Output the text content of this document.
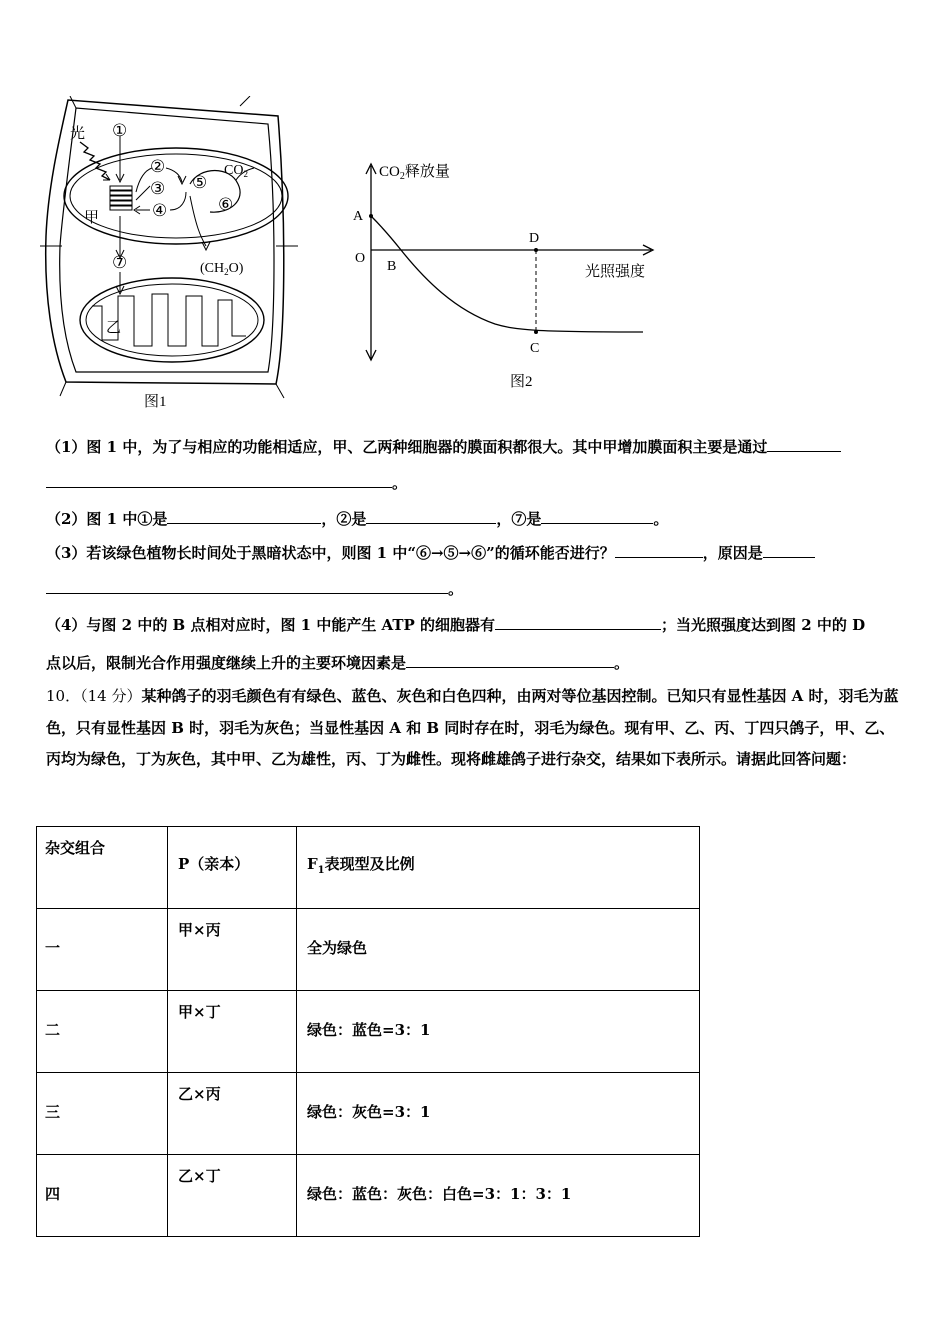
光
甲
乙
$CO_2$
$(CH_2O)$
①
②
③
④
⑤
⑥
⑦
图1
$CO_2$释放量
光照强度
A
O
B
D
C
图2
（1）图 1 中，为了与相应的功能相适应，甲、乙两种细胞器的膜面积都很大。其中甲增加膜面积主要是通过
。
（2）图 1 中①是	，②是	，⑦是	。
（3）若该绿色植物长时间处于黑暗状态中，则图 1 中“⑥→⑤→⑥”的循环能否进行？	，原因是
。
（4）与图 2 中的 B 点相对应时，图 1 中能产生 ATP 的细胞器有	；当光照强度达到图 2 中的 D
点以后，限制光合作用强度继续上升的主要环境因素是	。
10．（14 分）某种鸽子的羽毛颜色有有绿色、蓝色、灰色和白色四种，由两对等位基因控制。已知只有显性基因 A 时，羽毛为蓝色，只有显性基因 B 时，羽毛为灰色；当显性基因 A 和 B 同时存在时，羽毛为绿色。现有甲、乙、丙、丁四只鸽子，甲、乙、丙均为绿色，丁为灰色，其中甲、乙为雄性，丙、丁为雌性。现将雌雄鸽子进行杂交，结果如下表所示。请据此回答问题：
杂交组合	P（亲本）	$F_1$表现型及比例

一	甲×丙	全为绿色

二	甲×丁	绿色：蓝色=3：1

三	乙×丙	绿色：灰色=3：1

四	乙×丁	绿色：蓝色：灰色：白色=3：1：3：1
